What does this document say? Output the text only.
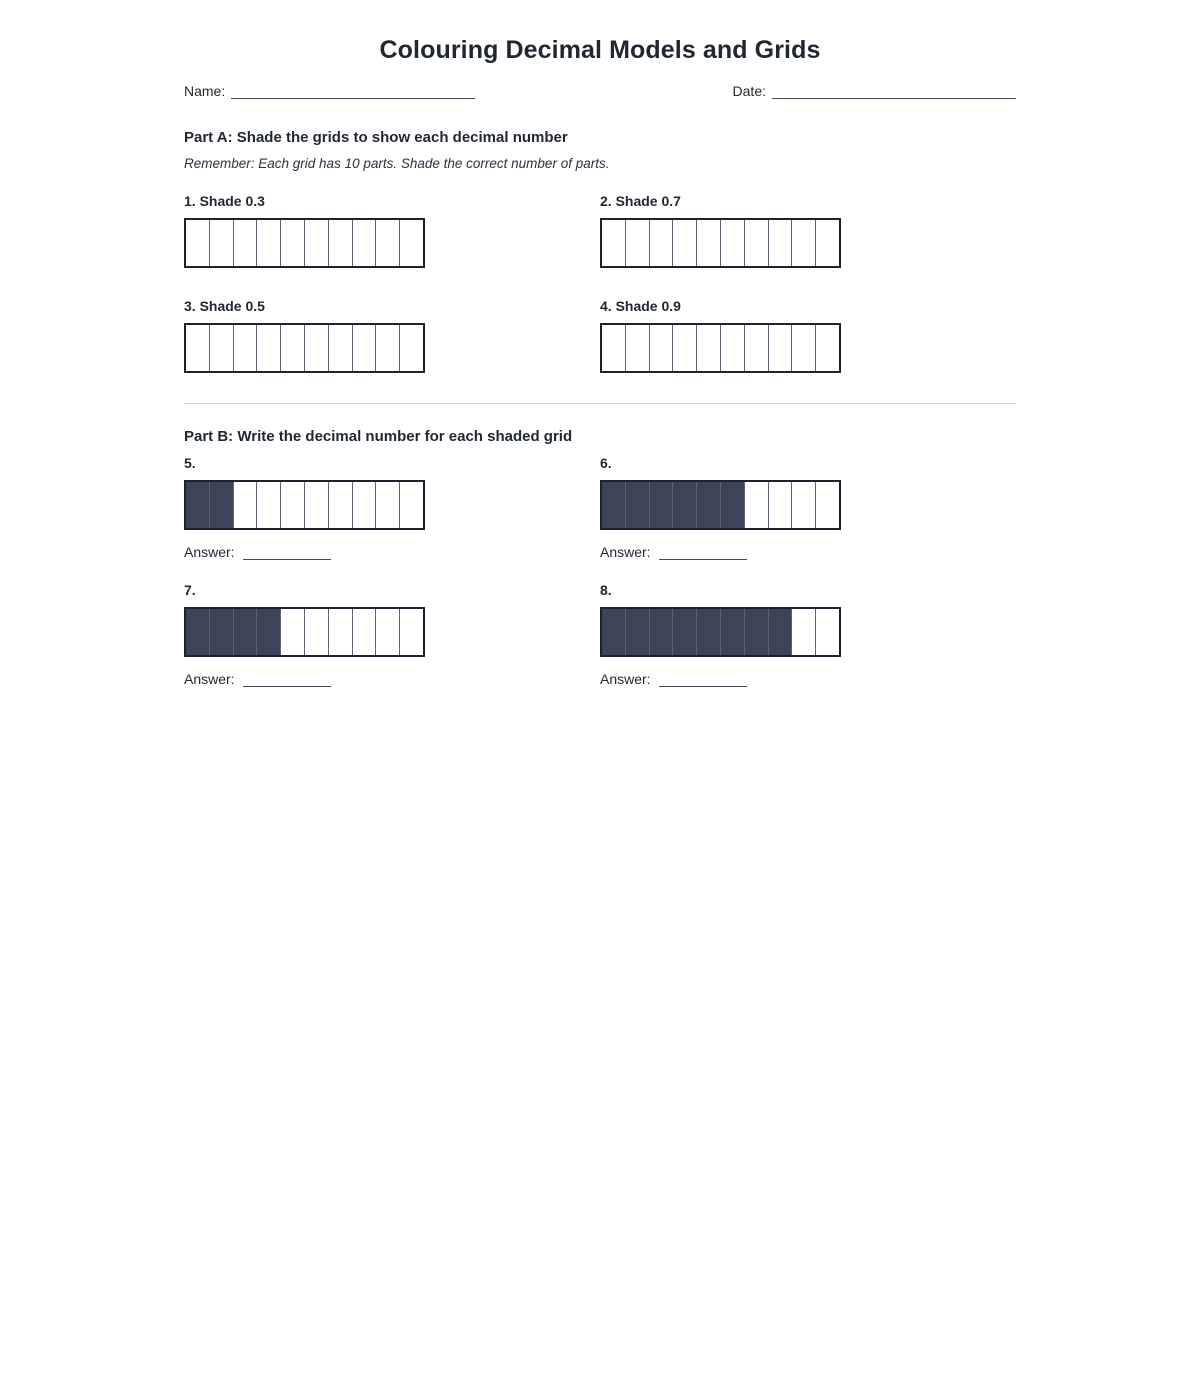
Colouring Decimal Models and Grids
Name:	Date:
Part A: Shade the grids to show each decimal number
Remember: Each grid has 10 parts. Shade the correct number of parts.
1. Shade 0.3	2. Shade 0.7
3. Shade 0.5	4. Shade 0.9
Part B: Write the decimal number for each shaded grid
5.
Answer:
6.
Answer:
7.
Answer:
8.
Answer:
